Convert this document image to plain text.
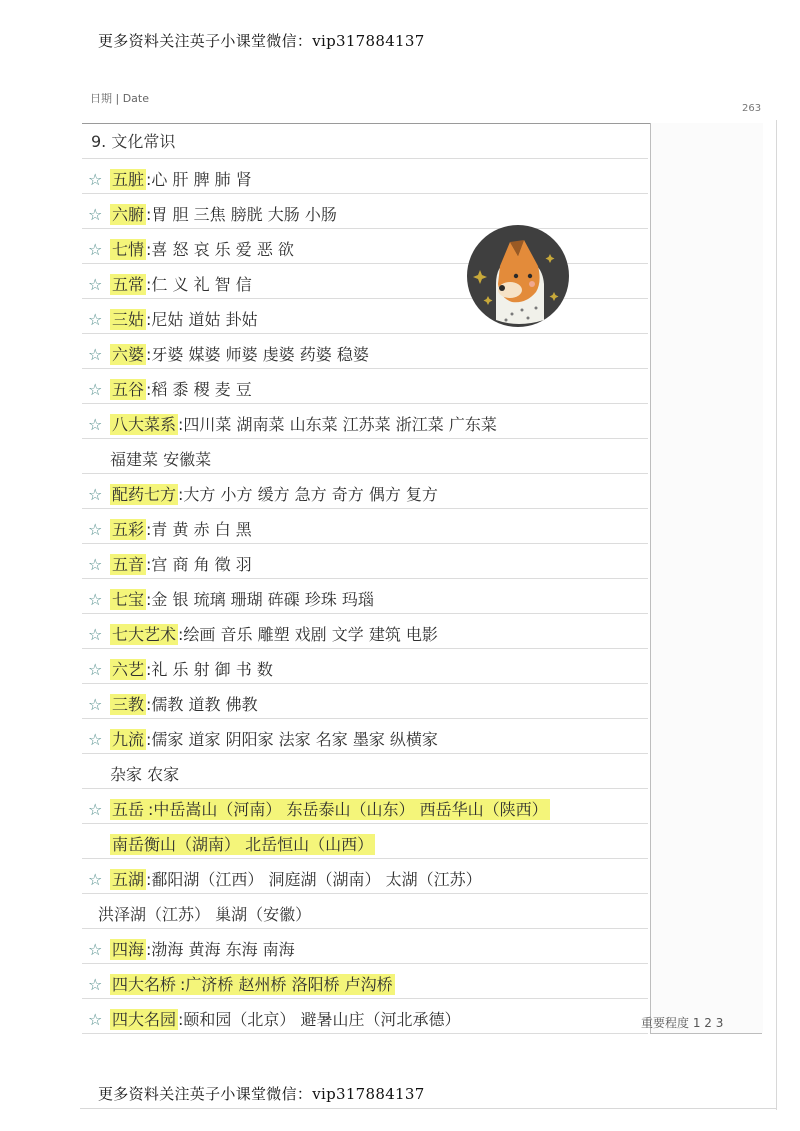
更多资料关注英子小课堂微信：vip317884137
日期 | Date
263
重要程度 1 2 3
9. 文化常识
☆ 五脏 :心 肝 脾 肺 肾
☆ 六腑 :胃 胆 三焦 膀胱 大肠 小肠
☆ 七情 :喜 怒 哀 乐 爱 恶 欲
☆ 五常 :仁 义 礼 智 信
☆ 三姑 :尼姑 道姑 卦姑
☆ 六婆 :牙婆 媒婆 师婆 虔婆 药婆 稳婆
☆ 五谷 :稻 黍 稷 麦 豆
☆ 八大菜系 :四川菜 湖南菜 山东菜 江苏菜 浙江菜 广东菜
福建菜 安徽菜
☆ 配药七方 :大方 小方 缓方 急方 奇方 偶方 复方
☆ 五彩 :青 黄 赤 白 黑
☆ 五音 :宫 商 角 徵 羽
☆ 七宝 :金 银 琉璃 珊瑚 砗磲 珍珠 玛瑙
☆ 七大艺术 :绘画 音乐 雕塑 戏剧 文学 建筑 电影
☆ 六艺 :礼 乐 射 御 书 数
☆ 三教 :儒教 道教 佛教
☆ 九流 :儒家 道家 阴阳家 法家 名家 墨家 纵横家
杂家 农家
☆ 五岳 :中岳嵩山（河南） 东岳泰山（山东） 西岳华山（陕西）
南岳衡山（湖南） 北岳恒山（山西）
☆ 五湖 :鄱阳湖（江西） 洞庭湖（湖南） 太湖（江苏）
洪泽湖（江苏） 巢湖（安徽）
☆ 四海 :渤海 黄海 东海 南海
☆ 四大名桥 :广济桥 赵州桥 洛阳桥 卢沟桥
☆ 四大名园 :颐和园（北京） 避暑山庄（河北承德）
更多资料关注英子小课堂微信：vip317884137
